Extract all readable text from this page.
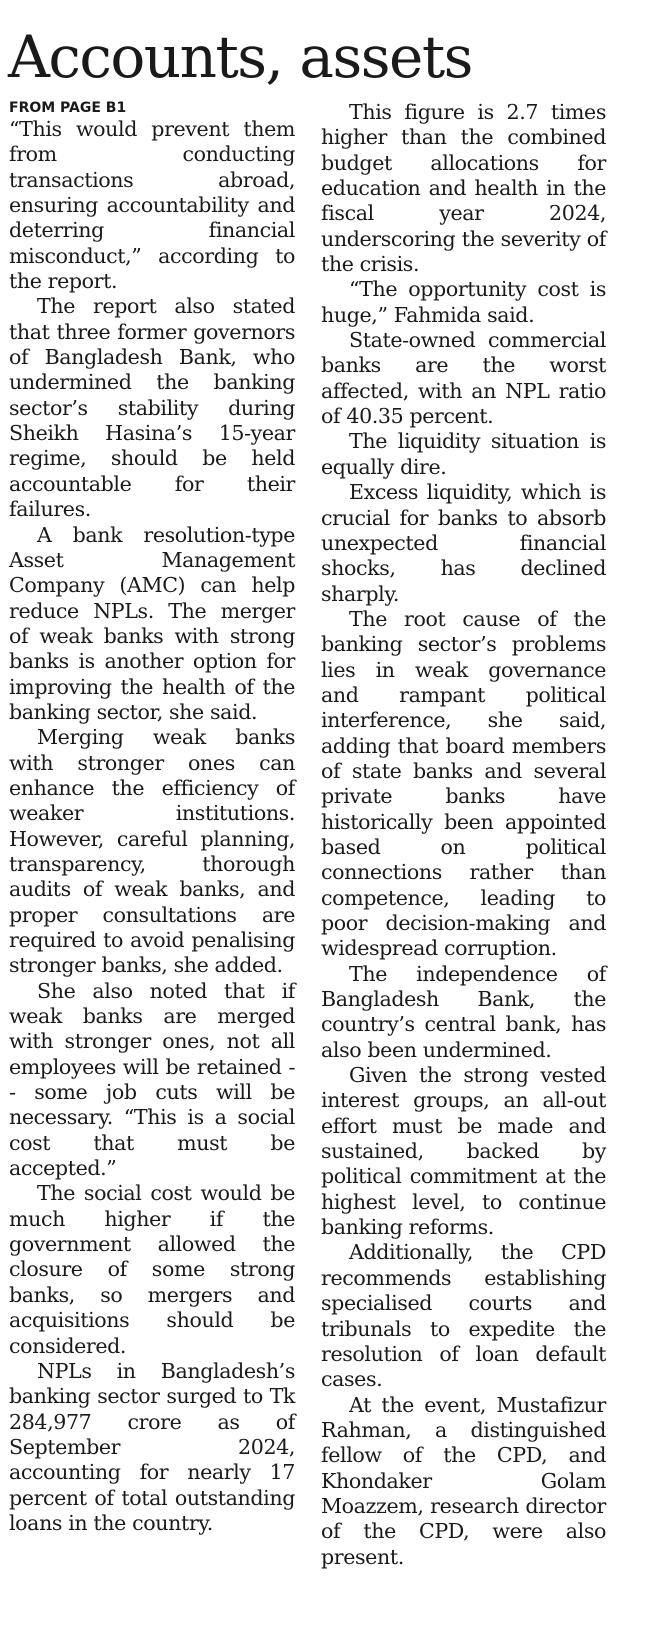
Accounts, assets
FROM PAGE B1

“This would prevent them from conducting transactions abroad, ensuring accountability and deterring financial misconduct,” according to the report.

The report also stated that three former governors of Bangladesh Bank, who undermined the banking sector’s stability during Sheikh Hasina’s 15-year regime, should be held accountable for their failures.

A bank resolution-type Asset Management Company (AMC) can help reduce NPLs. The merger of weak banks with strong banks is another option for improving the health of the banking sector, she said.

Merging weak banks with stronger ones can enhance the efficiency of weaker institutions. However, careful planning, transparency, thorough audits of weak banks, and proper consultations are required to avoid penalising stronger banks, she added.

She also noted that if weak banks are merged with stronger ones, not all employees will be retained -- some job cuts will be necessary. “This is a social cost that must be accepted.”

The social cost would be much higher if the government allowed the closure of some strong banks, so mergers and acquisitions should be considered.

NPLs in Bangladesh’s banking sector surged to Tk 284,977 crore as of September 2024, accounting for nearly 17 percent of total outstanding loans in the country.

This figure is 2.7 times higher than the combined budget allocations for education and health in the fiscal year 2024, underscoring the severity of the crisis.

“The opportunity cost is huge,” Fahmida said.

State-owned commercial banks are the worst affected, with an NPL ratio of 40.35 percent.

The liquidity situation is equally dire.

Excess liquidity, which is crucial for banks to absorb unexpected financial shocks, has declined sharply.

The root cause of the banking sector’s problems lies in weak governance and rampant political interference, she said, adding that board members of state banks and several private banks have historically been appointed based on political connections rather than competence, leading to poor decision-making and widespread corruption.

The independence of Bangladesh Bank, the country’s central bank, has also been undermined.

Given the strong vested interest groups, an all-out effort must be made and sustained, backed by political commitment at the highest level, to continue banking reforms.

Additionally, the CPD recommends establishing specialised courts and tribunals to expedite the resolution of loan default cases.

At the event, Mustafizur Rahman, a distinguished fellow of the CPD, and Khondaker Golam Moazzem, research director of the CPD, were also present.
